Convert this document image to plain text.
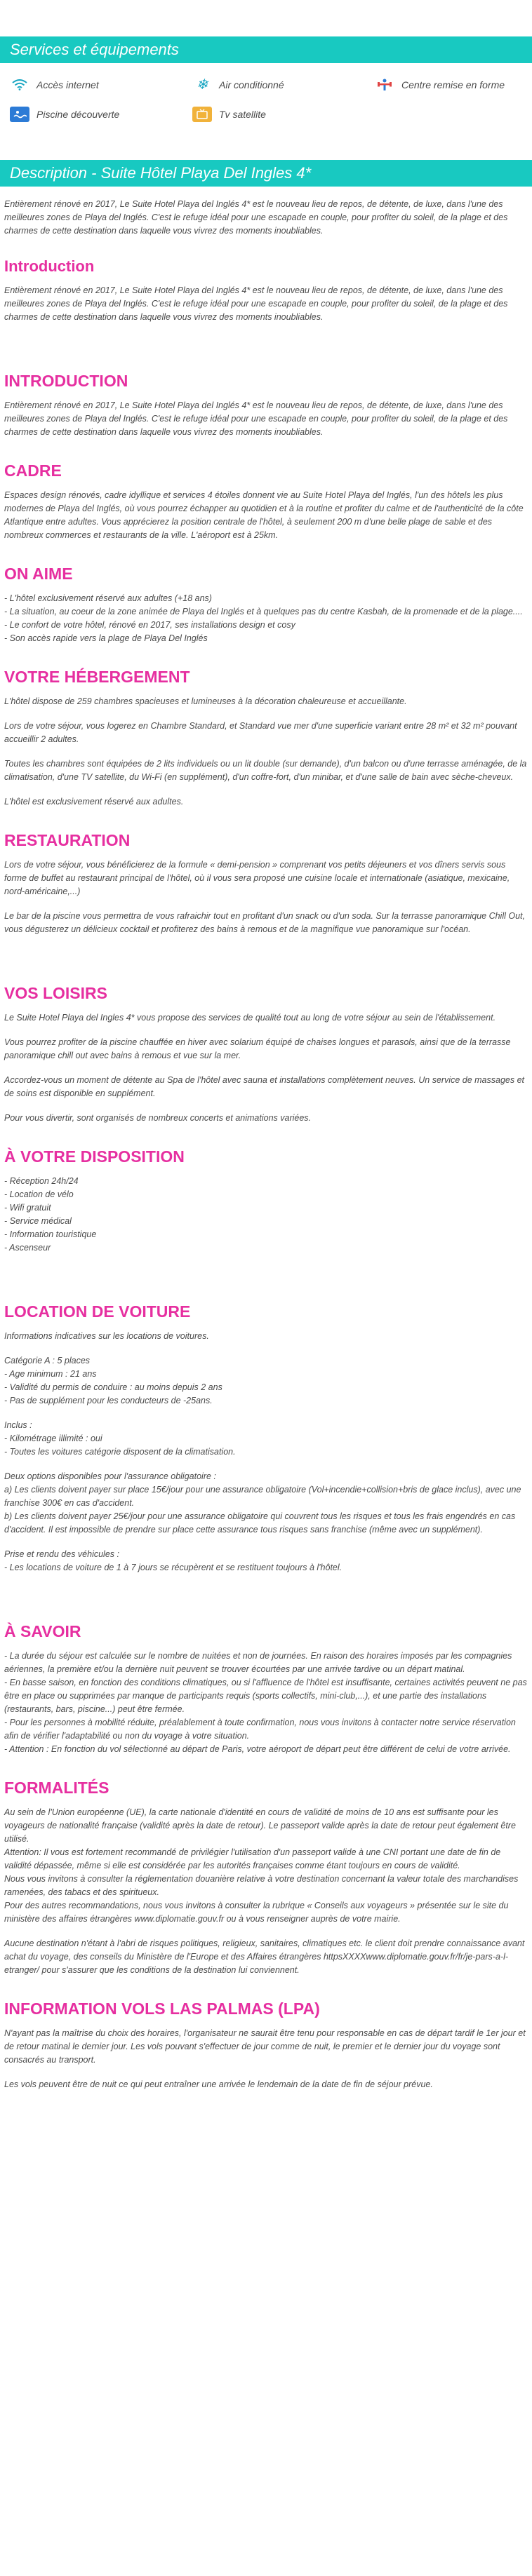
Services et équipements
Accès internet	❄	Air conditionné	Centre remise en forme
Piscine découverte	Tv satellite
Description - Suite Hôtel Playa Del Ingles 4*

Entièrement rénové en 2017, Le Suite Hotel Playa del Inglés 4* est le nouveau lieu de repos, de détente, de luxe, dans l'une des meilleures zones de Playa del Inglés. C'est le refuge idéal pour une escapade en couple, pour profiter du soleil, de la plage et des charmes de cette destination dans laquelle vous vivrez des moments inoubliables.

Introduction

Entièrement rénové en 2017, Le Suite Hotel Playa del Inglés 4* est le nouveau lieu de repos, de détente, de luxe, dans l'une des meilleures zones de Playa del Inglés. C'est le refuge idéal pour une escapade en couple, pour profiter du soleil, de la plage et des charmes de cette destination dans laquelle vous vivrez des moments inoubliables.

INTRODUCTION

Entièrement rénové en 2017, Le Suite Hotel Playa del Inglés 4* est le nouveau lieu de repos, de détente, de luxe, dans l'une des meilleures zones de Playa del Inglés. C'est le refuge idéal pour une escapade en couple, pour profiter du soleil, de la plage et des charmes de cette destination dans laquelle vous vivrez des moments inoubliables.

CADRE

Espaces design rénovés, cadre idyllique et services 4 étoiles donnent vie au Suite Hotel Playa del Inglés, l'un des hôtels les plus modernes de Playa del Inglés, où vous pourrez échapper au quotidien et à la routine et profiter du calme et de l'authenticité de la côte Atlantique entre adultes. Vous apprécierez la position centrale de l'hôtel, à seulement 200 m d'une belle plage de sable et des nombreux commerces et restaurants de la ville. L'aéroport est à 25km.

ON AIME
- L'hôtel exclusivement réservé aux adultes (+18 ans)
- La situation, au coeur de la zone animée de Playa del Inglés et à quelques pas du centre Kasbah, de la promenade et de la plage....
- Le confort de votre hôtel, rénové en 2017, ses installations design et cosy
- Son accès rapide vers la plage de Playa Del Inglés
VOTRE HÉBERGEMENT

L'hôtel dispose de 259 chambres spacieuses et lumineuses à la décoration chaleureuse et accueillante.

Lors de votre séjour, vous logerez en Chambre Standard, et Standard vue mer d'une superficie variant entre 28 m² et 32 m² pouvant accueillir 2 adultes.

Toutes les chambres sont équipées de 2 lits individuels ou un lit double (sur demande), d'un balcon ou d'une terrasse aménagée, de la climatisation, d'une TV satellite, du Wi-Fi (en supplément), d'un coffre-fort, d'un minibar, et d'une salle de bain avec sèche-cheveux.

L'hôtel est exclusivement réservé aux adultes.

RESTAURATION

Lors de votre séjour, vous bénéficierez de la formule « demi-pension » comprenant vos petits déjeuners et vos dîners servis sous forme de buffet au restaurant principal de l'hôtel, où il vous sera proposé une cuisine locale et internationale (asiatique, mexicaine, nord-américaine,...)

Le bar de la piscine vous permettra de vous rafraichir tout en profitant d'un snack ou d'un soda. Sur la terrasse panoramique Chill Out, vous dégusterez un délicieux cocktail et profiterez des bains à remous et de la magnifique vue panoramique sur l'océan.

VOS LOISIRS

Le Suite Hotel Playa del Ingles 4* vous propose des services de qualité tout au long de votre séjour au sein de l'établissement.

Vous pourrez profiter de la piscine chauffée en hiver avec solarium équipé de chaises longues et parasols, ainsi que de la terrasse panoramique chill out avec bains à remous et vue sur la mer.

Accordez-vous un moment de détente au Spa de l'hôtel avec sauna et installations complètement neuves. Un service de massages et de soins est disponible en supplément.

Pour vous divertir, sont organisés de nombreux concerts et animations variées.

À VOTRE DISPOSITION
- Réception 24h/24
- Location de vélo
- Wifi gratuit
- Service médical
- Information touristique
- Ascenseur
LOCATION DE VOITURE

Informations indicatives sur les locations de voitures.

Catégorie A : 5 places
- Age minimum : 21 ans
- Validité du permis de conduire : au moins depuis 2 ans
- Pas de supplément pour les conducteurs de -25ans.
Inclus :
- Kilométrage illimité : oui
- Toutes les voitures catégorie disposent de la climatisation.
Deux options disponibles pour l'assurance obligatoire :
a) Les clients doivent payer sur place 15€/jour pour une assurance obligatoire (Vol+incendie+collision+bris de glace inclus), avec une franchise 300€ en cas d'accident.
b) Les clients doivent payer 25€/jour pour une assurance obligatoire qui couvrent tous les risques et tous les frais engendrés en cas d'accident. Il est impossible de prendre sur place cette assurance tous risques sans franchise (même avec un supplément).
Prise et rendu des véhicules :
- Les locations de voiture de 1 à 7 jours se récupèrent et se restituent toujours à l'hôtel.
À SAVOIR
- La durée du séjour est calculée sur le nombre de nuitées et non de journées. En raison des horaires imposés par les compagnies aériennes, la première et/ou la dernière nuit peuvent se trouver écourtées par une arrivée tardive ou un départ matinal.
- En basse saison, en fonction des conditions climatiques, ou si l'affluence de l'hôtel est insuffisante, certaines activités peuvent ne pas être en place ou supprimées par manque de participants requis (sports collectifs, mini-club,...), et une partie des installations (restaurants, bars, piscine...) peut être fermée.
- Pour les personnes à mobilité réduite, préalablement à toute confirmation, nous vous invitons à contacter notre service réservation afin de vérifier l'adaptabilité ou non du voyage à votre situation.
- Attention : En fonction du vol sélectionné au départ de Paris, votre aéroport de départ peut être différent de celui de votre arrivée.
FORMALITÉS
Au sein de l'Union européenne (UE), la carte nationale d'identité en cours de validité de moins de 10 ans est suffisante pour les voyageurs de nationalité française (validité après la date de retour). Le passeport valide après la date de retour peut également être utilisé.
Attention: Il vous est fortement recommandé de privilégier l'utilisation d'un passeport valide à une CNI portant une date de fin de validité dépassée, même si elle est considérée par les autorités françaises comme étant toujours en cours de validité.
Nous vous invitons à consulter la réglementation douanière relative à votre destination concernant la valeur totale des marchandises ramenées, des tabacs et des spiritueux.
Pour des autres recommandations, nous vous invitons à consulter la rubrique « Conseils aux voyageurs » présentée sur le site du ministère des affaires étrangères www.diplomatie.gouv.fr ou à vous renseigner auprès de votre mairie.

Aucune destination n'étant à l'abri de risques politiques, religieux, sanitaires, climatiques etc. le client doit prendre connaissance avant achat du voyage, des conseils du Ministère de l'Europe et des Affaires étrangères httpsXXXXwww.diplomatie.gouv.fr/fr/je-pars-a-l-etranger/ pour s'assurer que les conditions de la destination lui conviennent.

INFORMATION VOLS LAS PALMAS (LPA)

N'ayant pas la maîtrise du choix des horaires, l'organisateur ne saurait être tenu pour responsable en cas de départ tardif le 1er jour et de retour matinal le dernier jour. Les vols pouvant s'effectuer de jour comme de nuit, le premier et le dernier jour du voyage sont consacrés au transport.

Les vols peuvent être de nuit ce qui peut entraîner une arrivée le lendemain de la date de fin de séjour prévue.
